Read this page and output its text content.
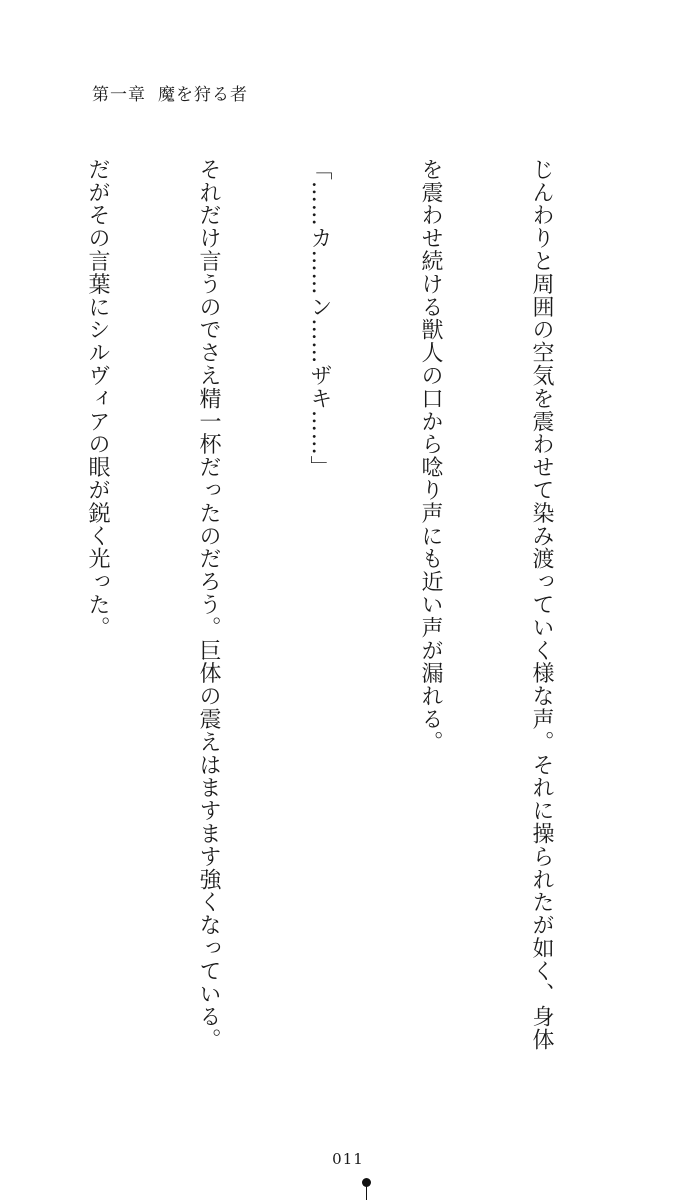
第一章 魔を狩る者

じんわりと周囲の空気を震わせて染み渡っていく様な声。それに操られたが如く、身体

を震わせ続ける獣人の口から唸り声にも近い声が漏れる。

「……カ……ン……ザキ……」

それだけ言うのでさえ精一杯だったのだろう。巨体の震えはますます強くなっている。

だがその言葉にシルヴィアの眼が鋭く光った。

011
